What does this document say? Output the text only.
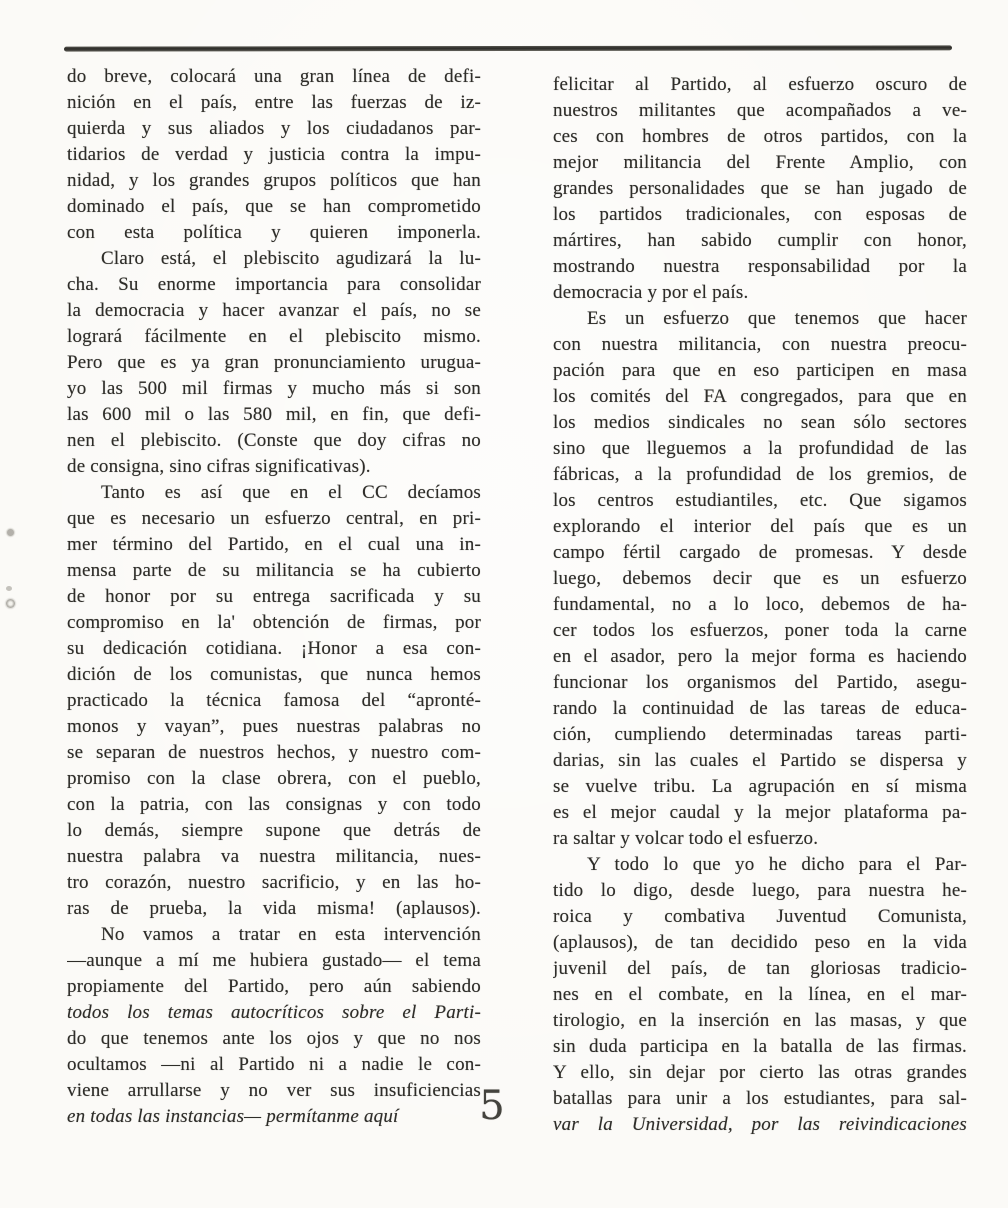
do breve, colocará una gran línea de defi-
nición en el país, entre las fuerzas de iz-
quierda y sus aliados y los ciudadanos par-
tidarios de verdad y justicia contra la impu-
nidad, y los grandes grupos políticos que han
dominado el país, que se han comprometido
con esta política y quieren imponerla.
Claro está, el plebiscito agudizará la lu-
cha. Su enorme importancia para consolidar
la democracia y hacer avanzar el país, no se
logrará fácilmente en el plebiscito mismo.
Pero que es ya gran pronunciamiento urugua-
yo las 500 mil firmas y mucho más si son
las 600 mil o las 580 mil, en fin, que defi-
nen el plebiscito. (Conste que doy cifras no
de consigna, sino cifras significativas).
Tanto es así que en el CC decíamos
que es necesario un esfuerzo central, en pri-
mer término del Partido, en el cual una in-
mensa parte de su militancia se ha cubierto
de honor por su entrega sacrificada y su
compromiso en la' obtención de firmas, por
su dedicación cotidiana. ¡Honor a esa con-
dición de los comunistas, que nunca hemos
practicado la técnica famosa del “apronté-
monos y vayan”, pues nuestras palabras no
se separan de nuestros hechos, y nuestro com-
promiso con la clase obrera, con el pueblo,
con la patria, con las consignas y con todo
lo demás, siempre supone que detrás de
nuestra palabra va nuestra militancia, nues-
tro corazón, nuestro sacrificio, y en las ho-
ras de prueba, la vida misma! (aplausos).
No vamos a tratar en esta intervención
—aunque a mí me hubiera gustado— el tema
propiamente del Partido, pero aún sabiendo
todos los temas autocríticos sobre el Parti-
do que tenemos ante los ojos y que no nos
ocultamos —ni al Partido ni a nadie le con-
viene arrullarse y no ver sus insuficiencias
en todas las instancias— permítanme aquí
felicitar al Partido, al esfuerzo oscuro de
nuestros militantes que acompañados a ve-
ces con hombres de otros partidos, con la
mejor militancia del Frente Amplio, con
grandes personalidades que se han jugado de
los partidos tradicionales, con esposas de
mártires, han sabido cumplir con honor,
mostrando nuestra responsabilidad por la
democracia y por el país.
Es un esfuerzo que tenemos que hacer
con nuestra militancia, con nuestra preocu-
pación para que en eso participen en masa
los comités del FA congregados, para que en
los medios sindicales no sean sólo sectores
sino que lleguemos a la profundidad de las
fábricas, a la profundidad de los gremios, de
los centros estudiantiles, etc. Que sigamos
explorando el interior del país que es un
campo fértil cargado de promesas. Y desde
luego, debemos decir que es un esfuerzo
fundamental, no a lo loco, debemos de ha-
cer todos los esfuerzos, poner toda la carne
en el asador, pero la mejor forma es haciendo
funcionar los organismos del Partido, asegu-
rando la continuidad de las tareas de educa-
ción, cumpliendo determinadas tareas parti-
darias, sin las cuales el Partido se dispersa y
se vuelve tribu. La agrupación en sí misma
es el mejor caudal y la mejor plataforma pa-
ra saltar y volcar todo el esfuerzo.
Y todo lo que yo he dicho para el Par-
tido lo digo, desde luego, para nuestra he-
roica y combativa Juventud Comunista,
(aplausos), de tan decidido peso en la vida
juvenil del país, de tan gloriosas tradicio-
nes en el combate, en la línea, en el mar-
tirologio, en la inserción en las masas, y que
sin duda participa en la batalla de las firmas.
Y ello, sin dejar por cierto las otras grandes
batallas para unir a los estudiantes, para sal-
var la Universidad, por las reivindicaciones
5
